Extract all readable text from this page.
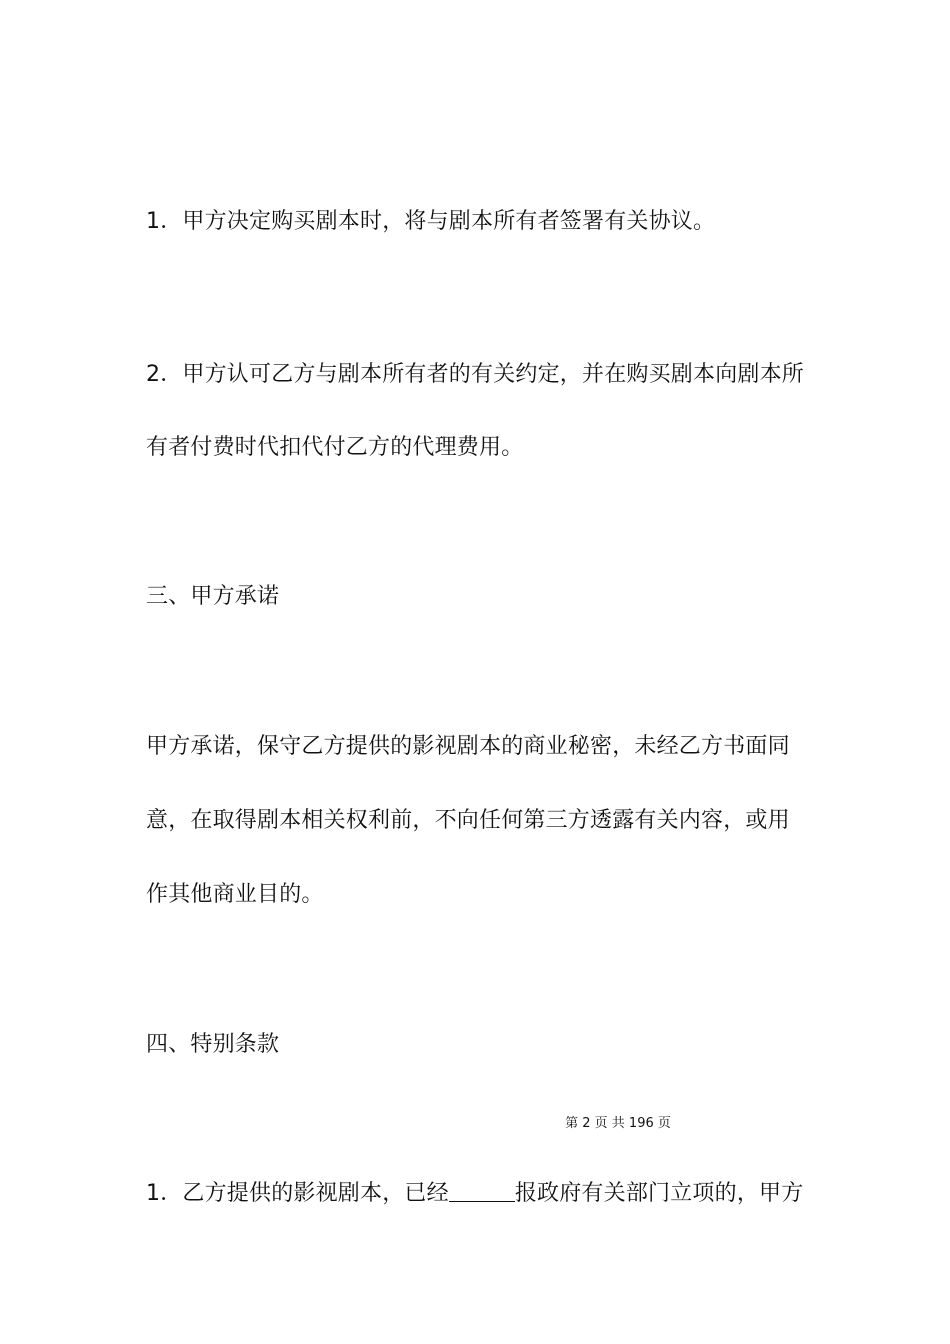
1．甲方决定购买剧本时，将与剧本所有者签署有关协议。
2．甲方认可乙方与剧本所有者的有关约定，并在购买剧本向剧本所
有者付费时代扣代付乙方的代理费用。
三、甲方承诺
甲方承诺，保守乙方提供的影视剧本的商业秘密，未经乙方书面同
意，在取得剧本相关权利前，不向任何第三方透露有关内容，或用
作其他商业目的。
四、特别条款
第 2 页 共 196 页
1．乙方提供的影视剧本，已经	报政府有关部门立项的，甲方
